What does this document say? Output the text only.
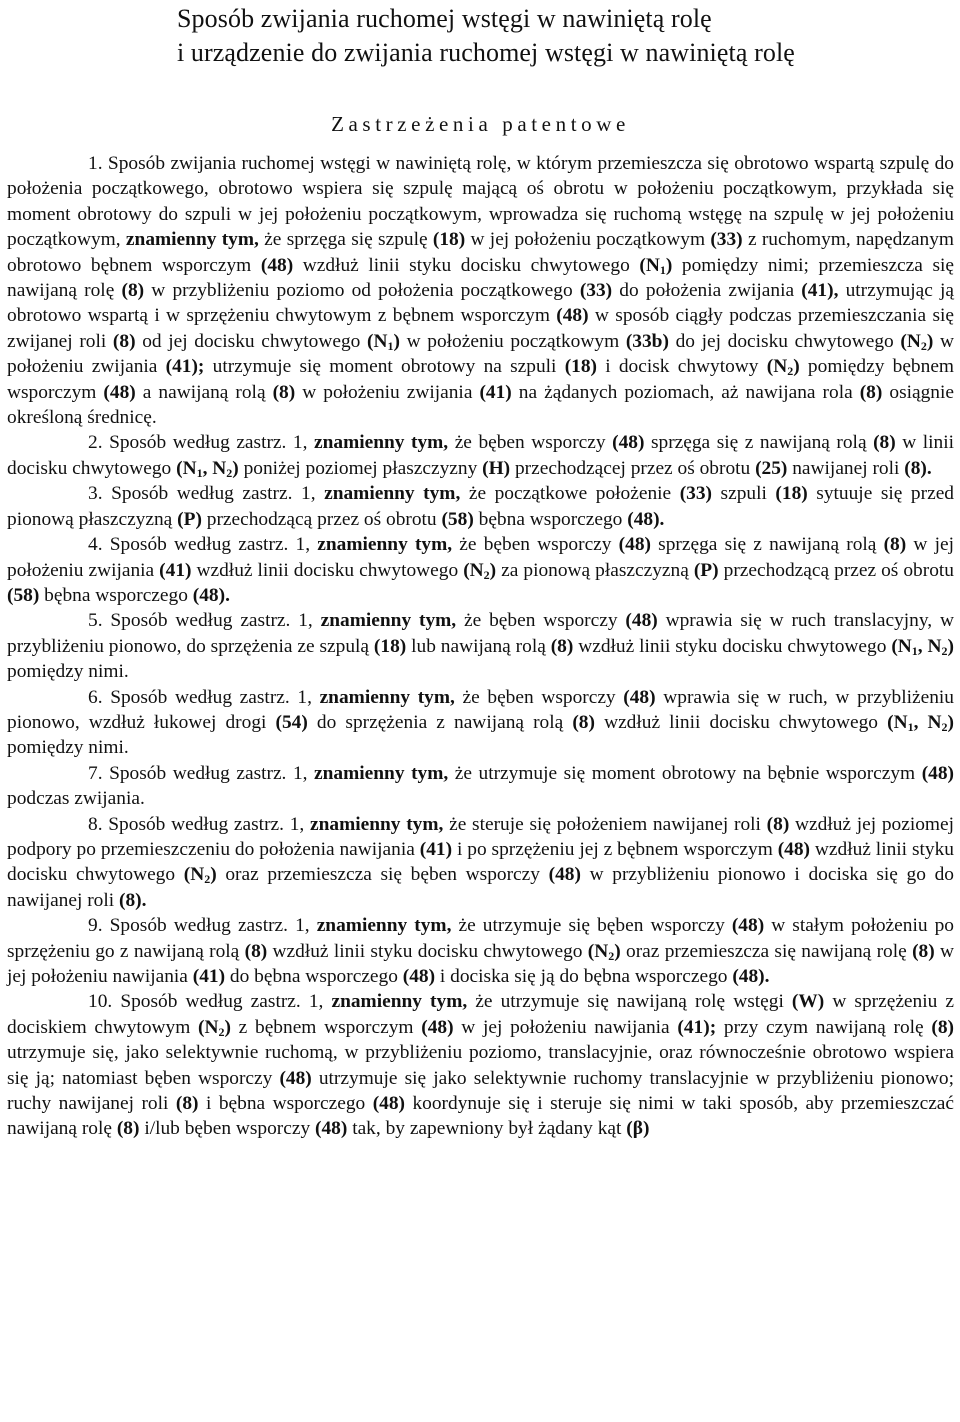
Sposób zwijania ruchomej wstęgi w nawiniętą rolę
i urządzenie do zwijania ruchomej wstęgi w nawiniętą rolę
Zastrzeżenia patentowe

1. Sposób zwijania ruchomej wstęgi w nawiniętą rolę, w którym przemieszcza się obrotowo wspartą szpulę do położenia początkowego, obrotowo wspiera się szpulę mającą oś obrotu w położeniu początkowym, przykłada się moment obrotowy do szpuli w jej położeniu początkowym, wprowadza się ruchomą wstęgę na szpulę w jej położeniu początkowym, znamienny tym, że sprzęga się szpulę (18) w jej położeniu początkowym (33) z ruchomym, napędzanym obrotowo bębnem wsporczym (48) wzdłuż linii styku docisku chwytowego $(N_1)$ pomiędzy nimi; przemieszcza się nawijaną rolę (8) w przybliżeniu poziomo od położenia początkowego (33) do położenia zwijania (41), utrzymując ją obrotowo wspartą i w sprzężeniu chwytowym z bębnem wsporczym (48) w sposób ciągły podczas przemieszczania się zwijanej roli (8) od jej docisku chwytowego $(N_1)$ w położeniu początkowym (33b) do jej docisku chwytowego $(N_2)$ w położeniu zwijania (41); utrzymuje się moment obrotowy na szpuli (18) i docisk chwytowy $(N_2)$ pomiędzy bębnem wsporczym (48) a nawijaną rolą (8) w położeniu zwijania (41) na żądanych poziomach, aż nawijana rola (8) osiągnie określoną średnicę.

2. Sposób według zastrz. 1, znamienny tym, że bęben wsporczy (48) sprzęga się z nawijaną rolą (8) w linii docisku chwytowego ($N_1$, $N_2$) poniżej poziomej płaszczyzny (H) przechodzącej przez oś obrotu (25) nawijanej roli (8).

3. Sposób według zastrz. 1, znamienny tym, że początkowe położenie (33) szpuli (18) sytuuje się przed pionową płaszczyzną (P) przechodzącą przez oś obrotu (58) bębna wsporczego (48).

4. Sposób według zastrz. 1, znamienny tym, że bęben wsporczy (48) sprzęga się z nawijaną rolą (8) w jej położeniu zwijania (41) wzdłuż linii docisku chwytowego $(N_2)$ za pionową płaszczyzną (P) przechodzącą przez oś obrotu (58) bębna wsporczego (48).

5. Sposób według zastrz. 1, znamienny tym, że bęben wsporczy (48) wprawia się w ruch translacyjny, w przybliżeniu pionowo, do sprzężenia ze szpulą (18) lub nawijaną rolą (8) wzdłuż linii styku docisku chwytowego ($N_1$, $N_2$) pomiędzy nimi.

6. Sposób według zastrz. 1, znamienny tym, że bęben wsporczy (48) wprawia się w ruch, w przybliżeniu pionowo, wzdłuż łukowej drogi (54) do sprzężenia z nawijaną rolą (8) wzdłuż linii docisku chwytowego ($N_1$, $N_2$) pomiędzy nimi.

7. Sposób według zastrz. 1, znamienny tym, że utrzymuje się moment obrotowy na bębnie wsporczym (48) podczas zwijania.

8. Sposób według zastrz. 1, znamienny tym, że steruje się położeniem nawijanej roli (8) wzdłuż jej poziomej podpory po przemieszczeniu do położenia nawijania (41) i po sprzężeniu jej z bębnem wsporczym (48) wzdłuż linii styku docisku chwytowego $(N_2)$ oraz przemieszcza się bęben wsporczy (48) w przybliżeniu pionowo i dociska się go do nawijanej roli (8).

9. Sposób według zastrz. 1, znamienny tym, że utrzymuje się bęben wsporczy (48) w stałym położeniu po sprzężeniu go z nawijaną rolą (8) wzdłuż linii styku docisku chwytowego $(N_2)$ oraz przemieszcza się nawijaną rolę (8) w jej położeniu nawijania (41) do bębna wsporczego (48) i dociska się ją do bębna wsporczego (48).

10. Sposób według zastrz. 1, znamienny tym, że utrzymuje się nawijaną rolę wstęgi (W) w sprzężeniu z dociskiem chwytowym $(N_2)$ z bębnem wsporczym (48) w jej położeniu nawijania (41); przy czym nawijaną rolę (8) utrzymuje się, jako selektywnie ruchomą, w przybliżeniu poziomo, translacyjnie, oraz równocześnie obrotowo wspiera się ją; natomiast bęben wsporczy (48) utrzymuje się jako selektywnie ruchomy translacyjnie w przybliżeniu pionowo; ruchy nawijanej roli (8) i bębna wsporczego (48) koordynuje się i steruje się nimi w taki sposób, aby przemieszczać nawijaną rolę (8) i/lub bęben wsporczy (48) tak, by zapewniony był żądany kąt (β)
